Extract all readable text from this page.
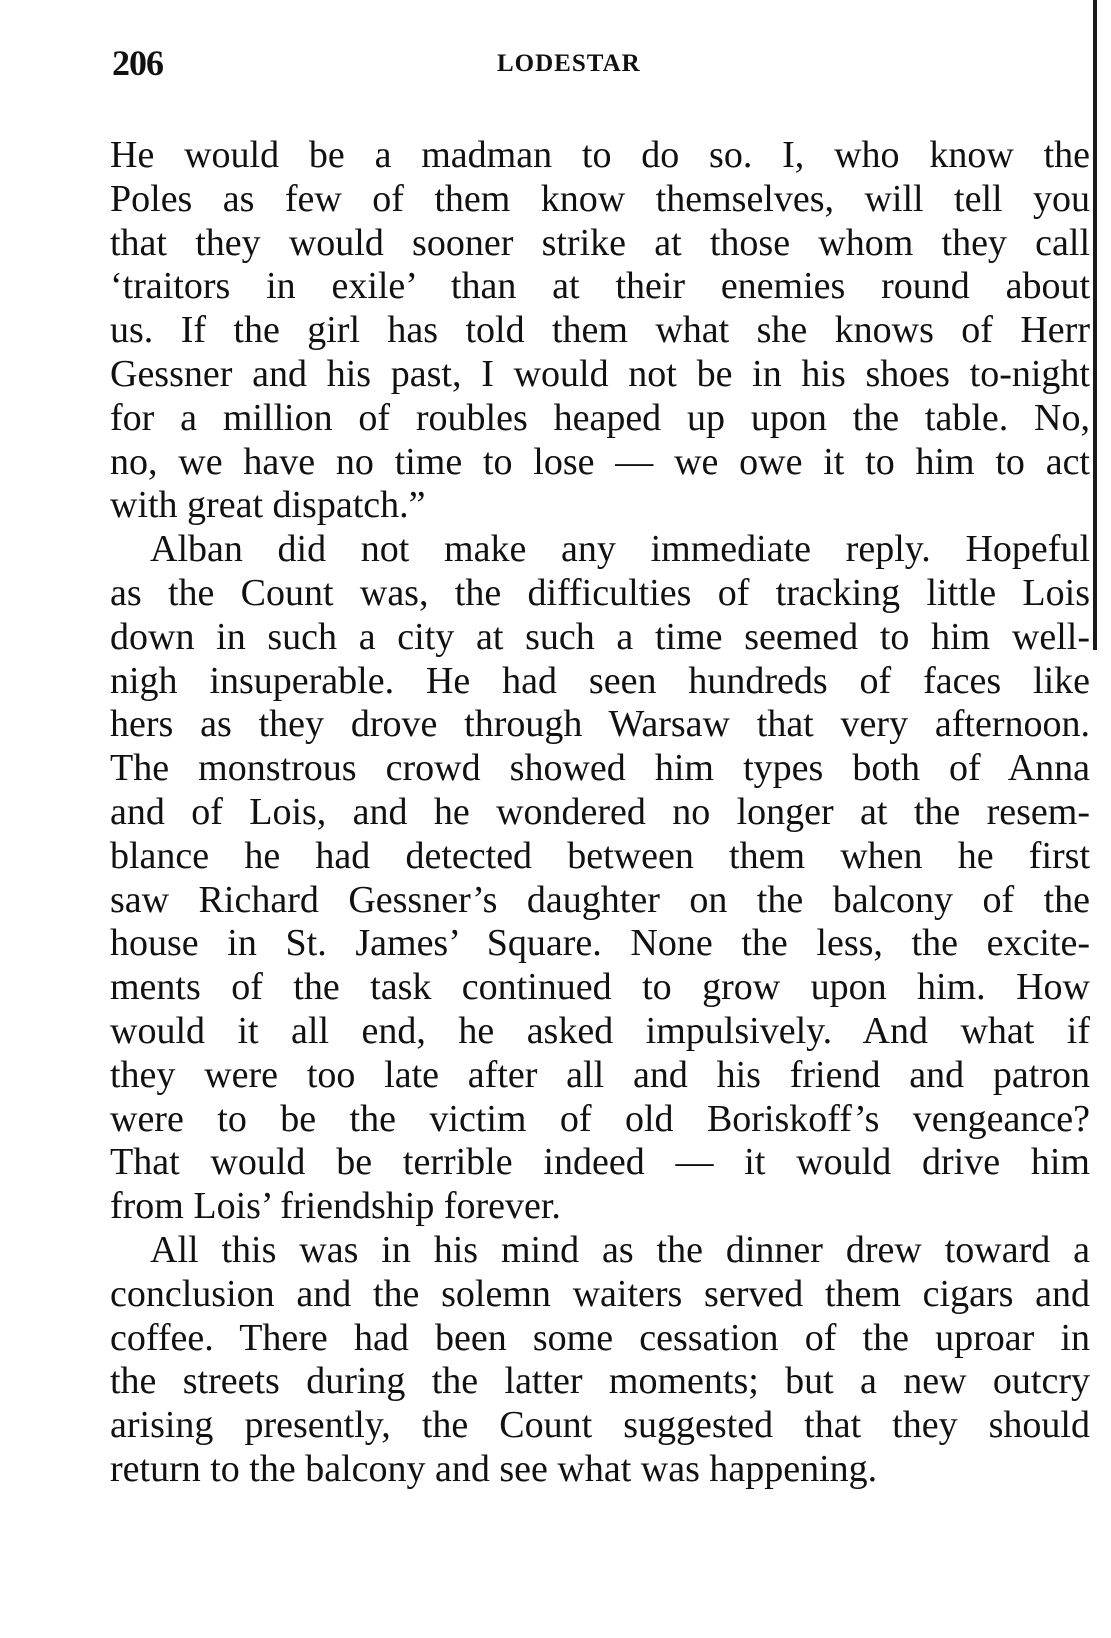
206	LODESTAR
He would be a madman to do so. I, who know the
Poles as few of them know themselves, will tell you
that they would sooner strike at those whom they call
‘traitors in exile’ than at their enemies round about
us. If the girl has told them what she knows of Herr
Gessner and his past, I would not be in his shoes to-night
for a million of roubles heaped up upon the table. No,
no, we have no time to lose — we owe it to him to act
with great dispatch.”
Alban did not make any immediate reply. Hopeful
as the Count was, the difficulties of tracking little Lois
down in such a city at such a time seemed to him well-
nigh insuperable. He had seen hundreds of faces like
hers as they drove through Warsaw that very afternoon.
The monstrous crowd showed him types both of Anna
and of Lois, and he wondered no longer at the resem-
blance he had detected between them when he first
saw Richard Gessner’s daughter on the balcony of the
house in St. James’ Square. None the less, the excite-
ments of the task continued to grow upon him. How
would it all end, he asked impulsively. And what if
they were too late after all and his friend and patron
were to be the victim of old Boriskoff’s vengeance?
That would be terrible indeed — it would drive him
from Lois’ friendship forever.
All this was in his mind as the dinner drew toward a
conclusion and the solemn waiters served them cigars and
coffee. There had been some cessation of the uproar in
the streets during the latter moments; but a new outcry
arising presently, the Count suggested that they should
return to the balcony and see what was happening.
